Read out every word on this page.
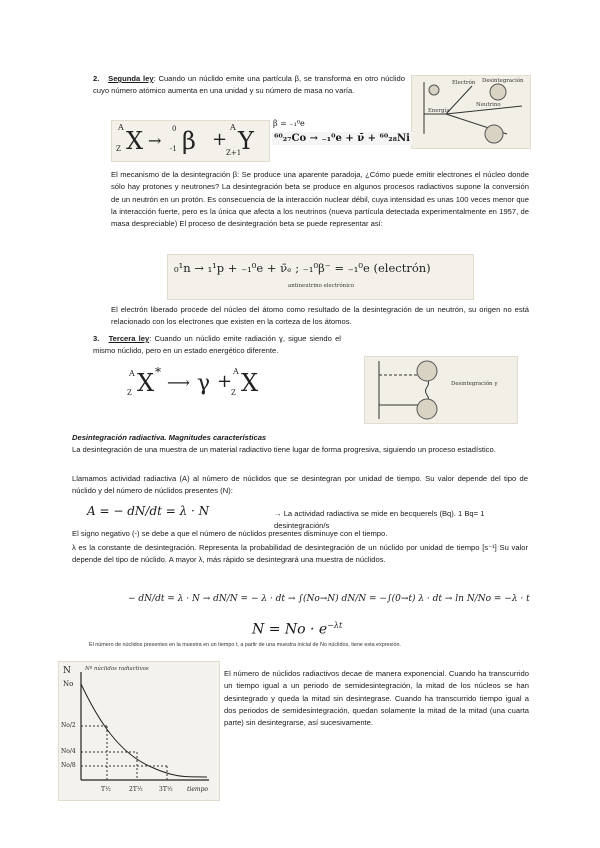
2. Segunda ley: Cuando un núclido emite una partícula β, se transforma en otro núclido cuyo número atómico aumenta en una unidad y su número de masa no varía.
Electrón Desintegración
Neutrino
Energía
A X
Z →
0
-1 β +
A Y
Z+1
β = ₋₁⁰e
⁶⁰₂₇Co → ₋₁⁰e + ν̄ + ⁶⁰₂₈Ni
El mecanismo de la desintegración β: Se produce una aparente paradoja, ¿Cómo puede emitir electrones el núcleo donde sólo hay protones y neutrones? La desintegración beta se produce en algunos procesos radiactivos supone la conversión de un neutrón en un protón. Es consecuencia de la interacción nuclear débil, cuya intensidad es unas 100 veces menor que la interacción fuerte, pero es la única que afecta a los neutrinos (nueva partícula detectada experimentalmente en 1957, de masa despreciable) El proceso de desintegración beta se puede representar así:
₀¹n → ₁¹p + ₋₁⁰e + ν̄ₑ ; ₋₁⁰β⁻ = ₋₁⁰e (electrón)
antineutrino electrónico
El electrón liberado procede del núcleo del átomo como resultado de la desintegración de un neutrón, su origen no está relacionado con los electrones que existen en la corteza de los átomos.
3. Tercera ley: Cuando un núclido emite radiación ɣ, sigue siendo el mismo núclido, pero en un estado energético diferente.
Desintegración γ
A X
Z
*
⟶ γ + A X
Z
Desintegración radiactiva. Magnitudes características
La desintegración de una muestra de un material radiactivo tiene lugar de forma progresiva, siguiendo un proceso estadístico.
Llamamos actividad radiactiva (A) al número de núclidos que se desintegran por unidad de tiempo. Su valor depende del tipo de núclido y del número de núclidos presentes (N):
A = − dN/dt = λ · N	→ La actividad radiactiva se mide en becquerels (Bq). 1 Bq= 1 desintegración/s
El signo negativo (-) se debe a que el número de núclidos presentes disminuye con el tiempo.
λ es la constante de desintegración. Representa la probabilidad de desintegración de un núclido por unidad de tiempo [s⁻¹] Su valor depende del tipo de núclido. A mayor λ, más rápido se desintegrará una muestra de núclidos.
− dN/dt = λ · N → dN/N = − λ · dt → ∫(No→N) dN/N = −∫(0→t) λ · dt → ln N/No = −λ · t
$N = No \cdot e^{-\lambda t}$
El número de núclidos presentes en la muestra en un tiempo t, a partir de una muestra inicial de No núclidos, tiene esta expresión.
Nº núclidos radiactivos
N
No
No/2
No/4
No/8
T½	2T½	3T½ tiempo
El número de núclidos radiactivos decae de manera exponencial. Cuando ha transcurrido un tiempo igual a un periodo de semidesintegración, la mitad de los núcleos se han desintegrado y queda la mitad sin desintegrase. Cuando ha transcurrido tiempo igual a dos periodos de semidesintegración, quedan solamente la mitad de la mitad (una cuarta parte) sin desintegrarse, así sucesivamente.
